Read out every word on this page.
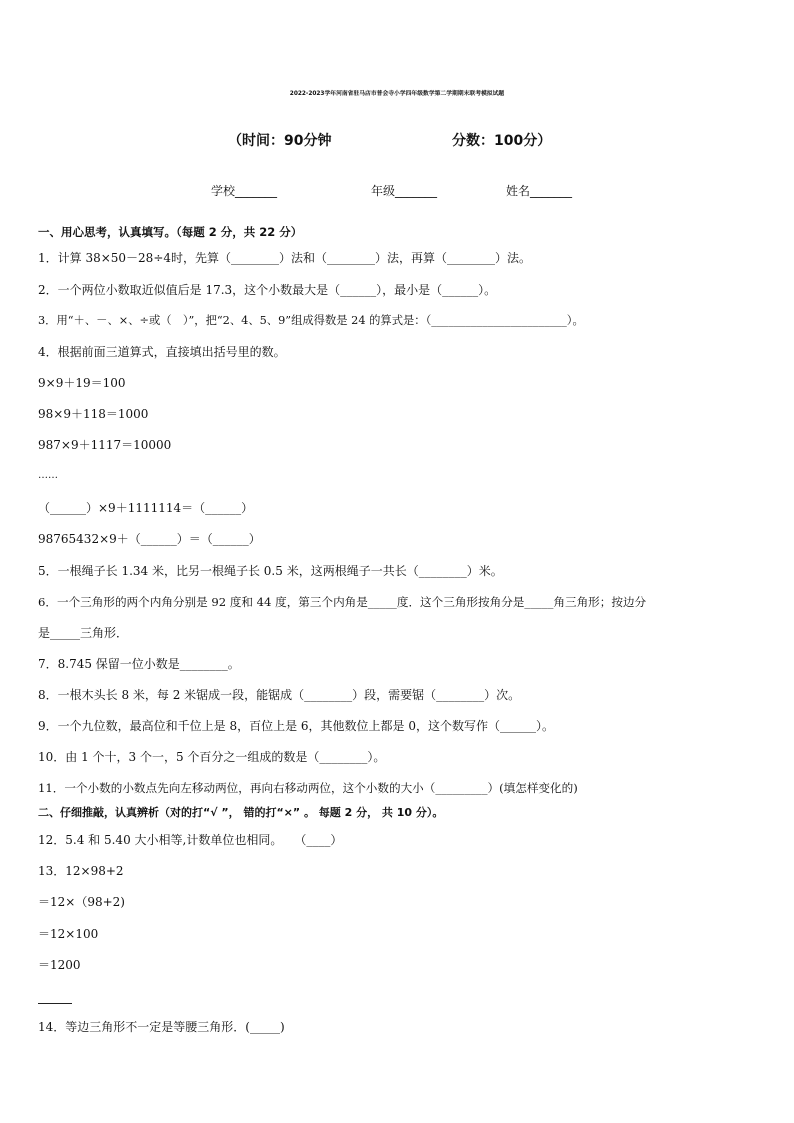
2022-2023学年河南省驻马店市普会寺小学四年级数学第二学期期末联考模拟试题
（时间：90分钟	分数：100分）
学校_______	年级_______	姓名_______
一、用心思考，认真填写。（每题 2 分，共 22 分）
1．计算 38×50－28÷4时，先算（________）法和（________）法，再算（________）法。
2．一个两位小数取近似值后是 17.3，这个小数最大是（______），最小是（______）。
3．用“＋、－、×、÷或（　）”，把“2、4、5、9”组成得数是 24 的算式是：（________________________）。
4．根据前面三道算式，直接填出括号里的数。
9×9＋19＝100
98×9＋118＝1000
987×9＋1117＝10000
……
（______）×9＋1111114＝（______）
98765432×9＋（______）＝（______）
5．一根绳子长 1.34 米，比另一根绳子长 0.5 米，这两根绳子一共长（________）米。
6．一个三角形的两个内角分别是 92 度和 44 度，第三个内角是_____度．这个三角形按角分是_____角三角形；按边分
是_____三角形．
7．8.745 保留一位小数是________。
8．一根木头长 8 米，每 2 米锯成一段，能锯成（________）段，需要锯（________）次。
9．一个九位数，最高位和千位上是 8，百位上是 6，其他数位上都是 0，这个数写作（______）。
10．由 1 个十，3 个一，5 个百分之一组成的数是（________）。
11．一个小数的小数点先向左移动两位，再向右移动两位，这个小数的大小（_________）(填怎样变化的)
二、仔细推敲，认真辨析（对的打“√ ”， 错的打“×” 。 每题 2 分， 共 10 分）。
12．5.4 和 5.40 大小相等,计数单位也相同。　　（____）
13．12×98+2
＝12×（98+2)
＝12×100
＝1200
14．等边三角形不一定是等腰三角形．(_____)
